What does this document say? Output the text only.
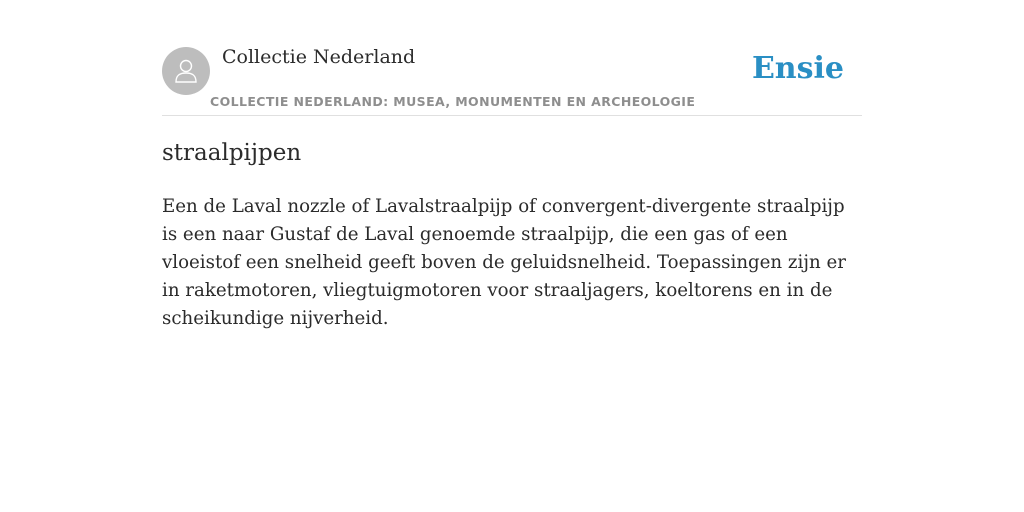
Collectie Nederland
COLLECTIE NEDERLAND: MUSEA, MONUMENTEN EN ARCHEOLOGIE
Ensie
straalpijpen

Een de Laval nozzle of Lavalstraalpijp of convergent-divergente straalpijp is een naar Gustaf de Laval genoemde straalpijp, die een gas of een vloeistof een snelheid geeft boven de geluidsnelheid. Toepassingen zijn er in raketmotoren, vliegtuigmotoren voor straaljagers, koeltorens en in de scheikundige nijverheid.
